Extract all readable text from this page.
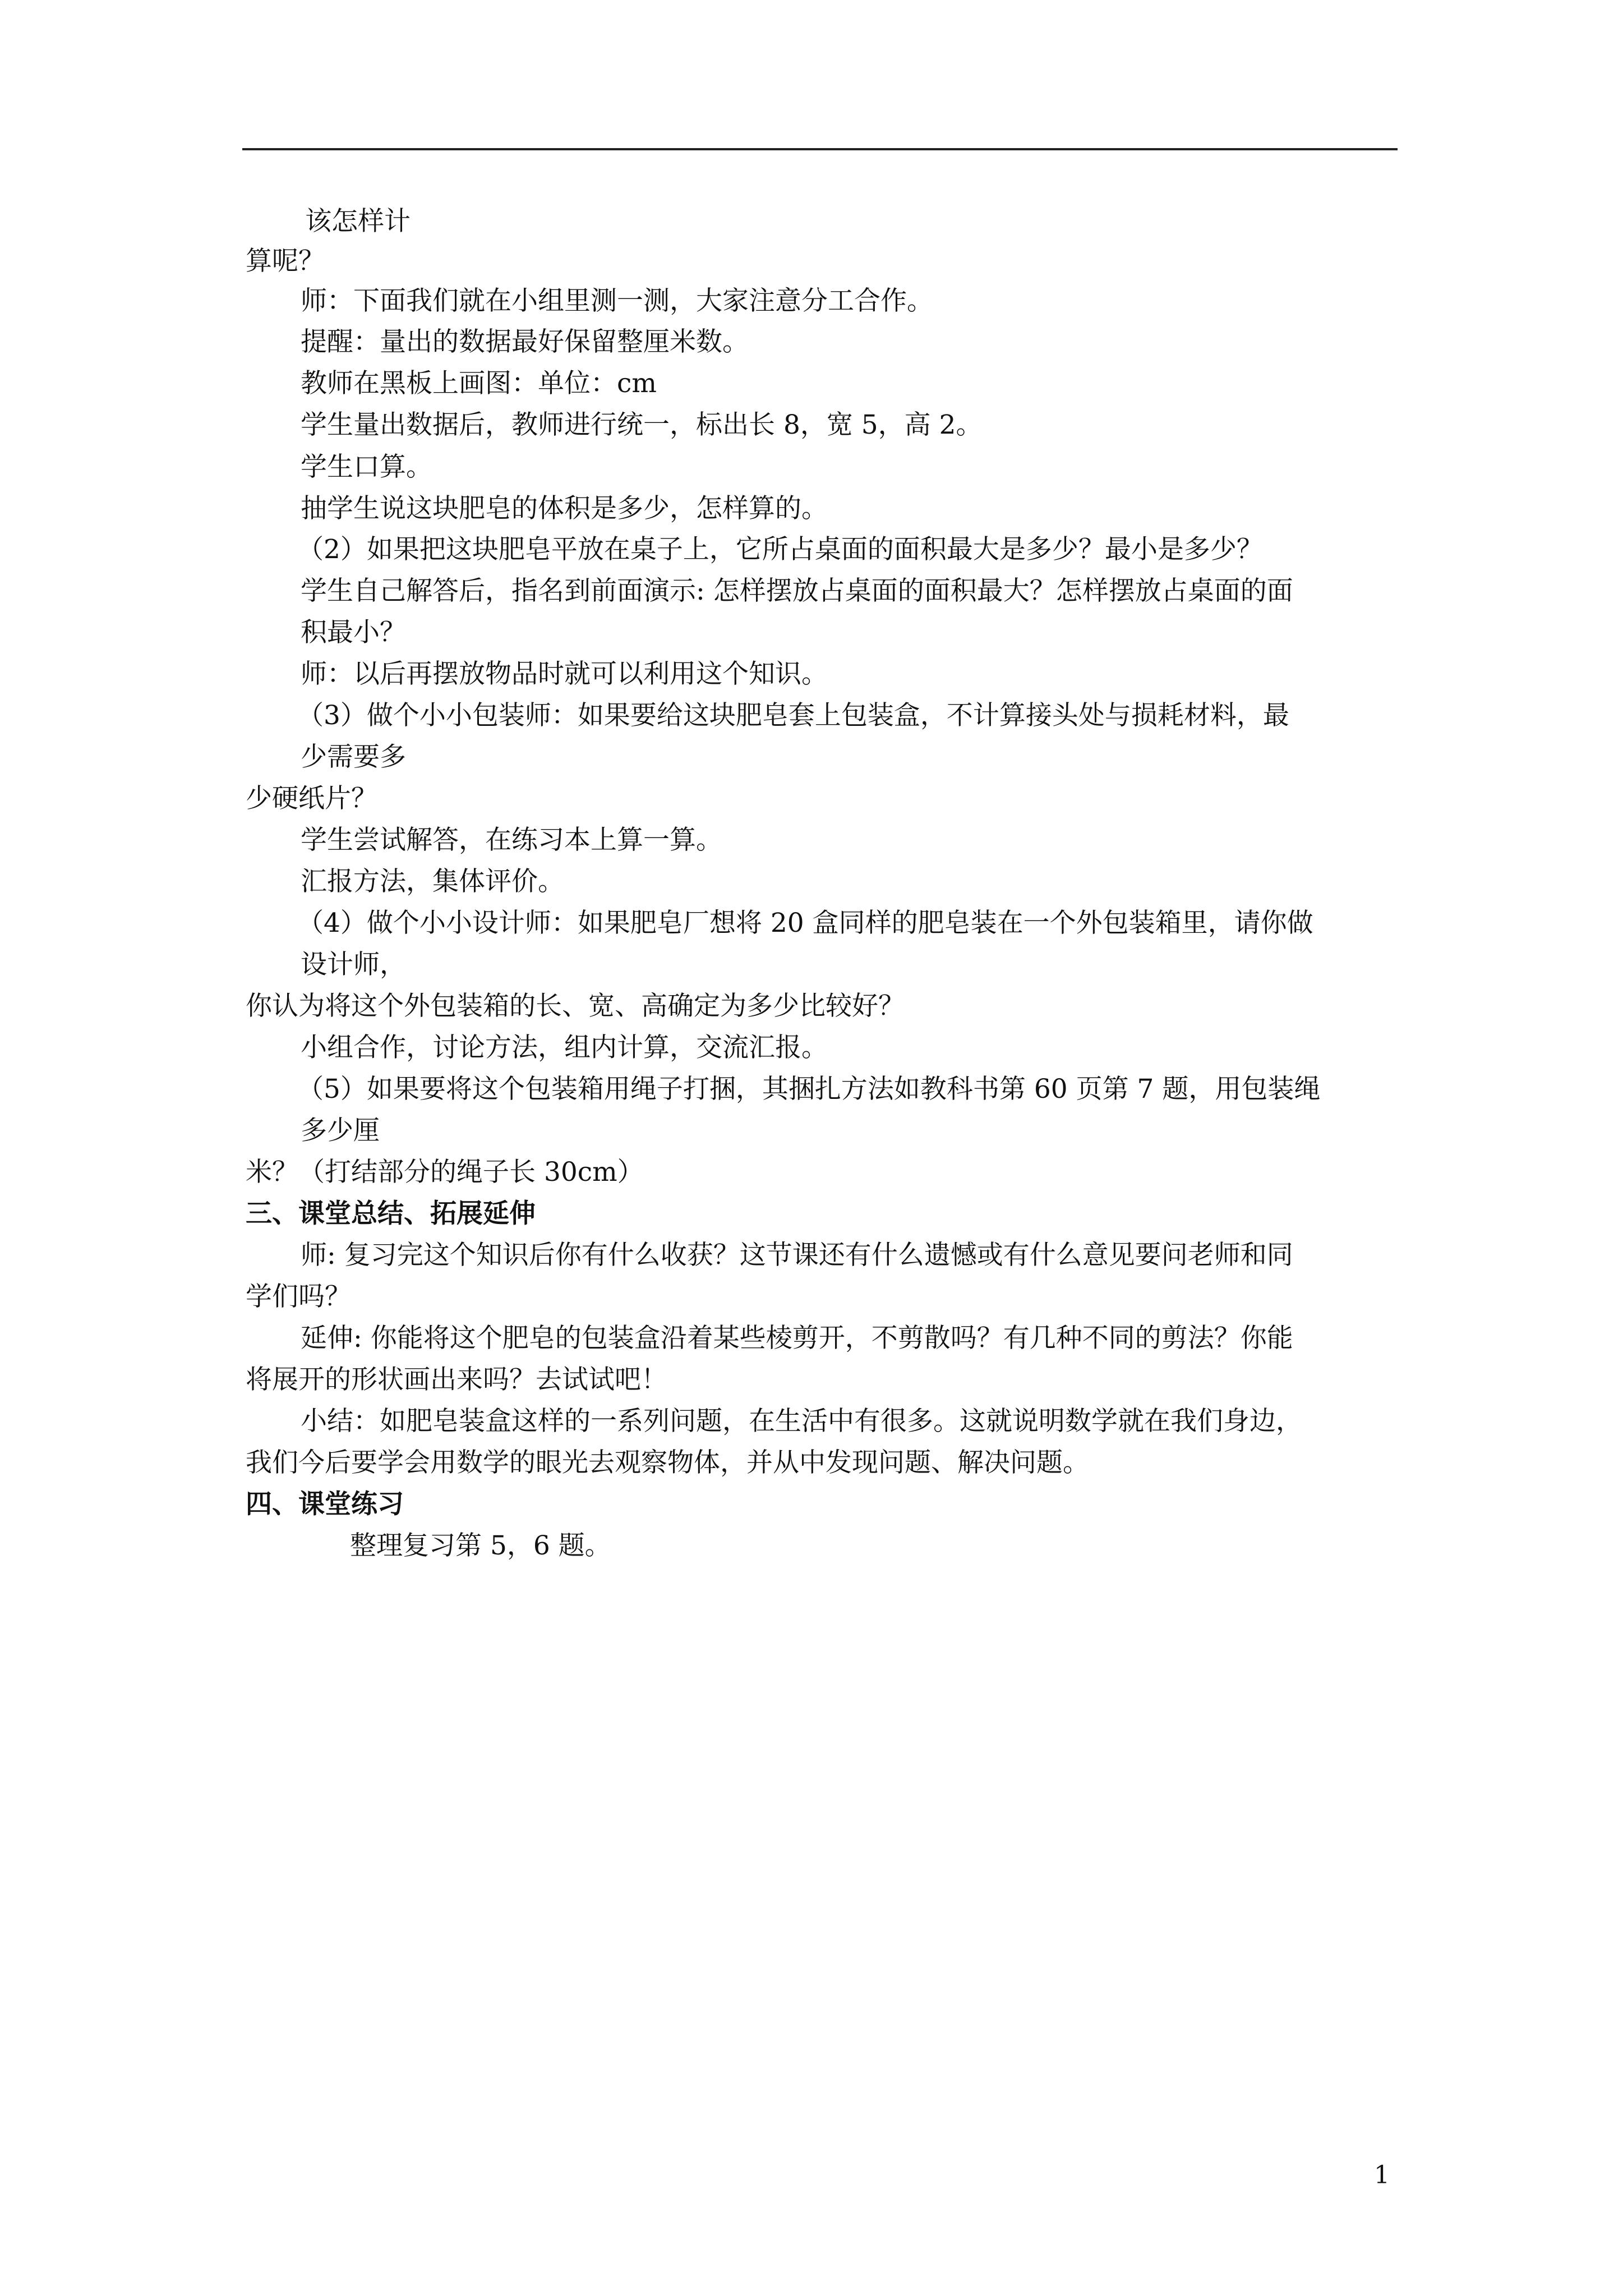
该怎样计
算呢？
师：下面我们就在小组里测一测，大家注意分工合作。
提醒：量出的数据最好保留整厘米数。
教师在黑板上画图：单位：cm
学生量出数据后，教师进行统一，标出长 8，宽 5，高 2。
学生口算。
抽学生说这块肥皂的体积是多少，怎样算的。
（2）如果把这块肥皂平放在桌子上，它所占桌面的面积最大是多少？最小是多少？
学生自己解答后，指名到前面演示: 怎样摆放占桌面的面积最大？怎样摆放占桌面的面
积最小？
师：以后再摆放物品时就可以利用这个知识。
（3）做个小小包装师：如果要给这块肥皂套上包装盒，不计算接头处与损耗材料，最
少需要多
少硬纸片？
学生尝试解答，在练习本上算一算。
汇报方法，集体评价。
（4）做个小小设计师：如果肥皂厂想将 20 盒同样的肥皂装在一个外包装箱里，请你做
设计师，
你认为将这个外包装箱的长、宽、高确定为多少比较好？
小组合作，讨论方法，组内计算，交流汇报。
（5）如果要将这个包装箱用绳子打捆，其捆扎方法如教科书第 60 页第 7 题，用包装绳
多少厘
米？（打结部分的绳子长 30cm）
三、课堂总结、拓展延伸
师: 复习完这个知识后你有什么收获？这节课还有什么遗憾或有什么意见要问老师和同
学们吗？
延伸: 你能将这个肥皂的包装盒沿着某些棱剪开，不剪散吗？有几种不同的剪法？你能
将展开的形状画出来吗？去试试吧！
小结：如肥皂装盒这样的一系列问题，在生活中有很多。这就说明数学就在我们身边，
我们今后要学会用数学的眼光去观察物体，并从中发现问题、解决问题。
四、课堂练习
整理复习第 5，6 题。
1
